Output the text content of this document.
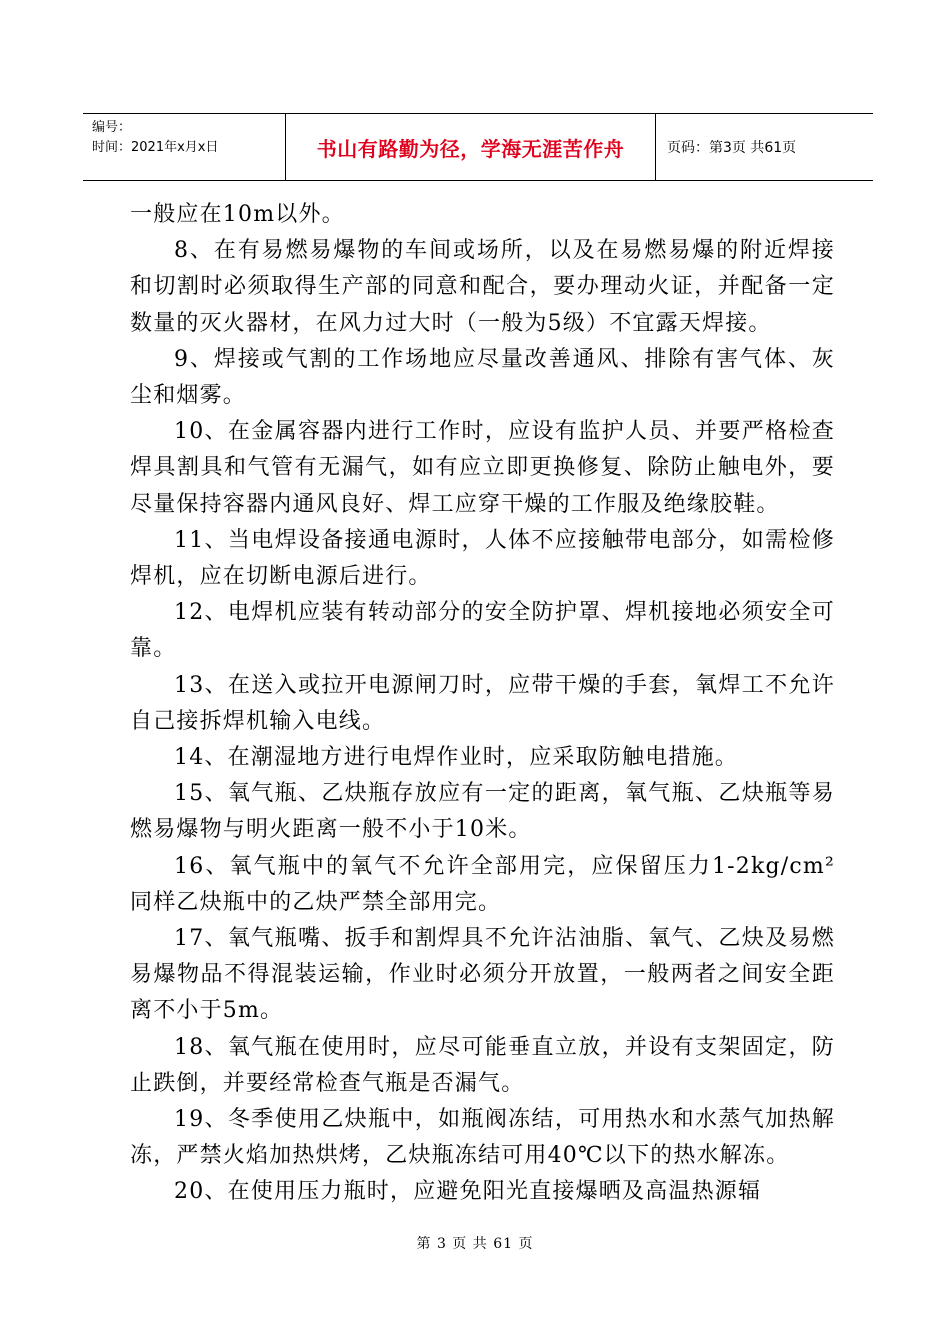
编号：
时间：2021年x月x日	书山有路勤为径，学海无涯苦作舟	页码：第3页 共61页

一般应在10m以外。

8、在有易燃易爆物的车间或场所，以及在易燃易爆的附近焊接和切割时必须取得生产部的同意和配合，要办理动火证，并配备一定数量的灭火器材，在风力过大时（一般为5级）不宜露天焊接。

9、焊接或气割的工作场地应尽量改善通风、排除有害气体、灰尘和烟雾。

10、在金属容器内进行工作时，应设有监护人员、并要严格检查焊具割具和气管有无漏气，如有应立即更换修复、除防止触电外，要尽量保持容器内通风良好、焊工应穿干燥的工作服及绝缘胶鞋。

11、当电焊设备接通电源时，人体不应接触带电部分，如需检修焊机，应在切断电源后进行。

12、电焊机应装有转动部分的安全防护罩、焊机接地必须安全可靠。

13、在送入或拉开电源闸刀时，应带干燥的手套，氧焊工不允许自己接拆焊机输入电线。

14、在潮湿地方进行电焊作业时，应采取防触电措施。

15、氧气瓶、乙炔瓶存放应有一定的距离，氧气瓶、乙炔瓶等易燃易爆物与明火距离一般不小于10米。

16、氧气瓶中的氧气不允许全部用完，应保留压力1-2kg/cm²同样乙炔瓶中的乙炔严禁全部用完。

17、氧气瓶嘴、扳手和割焊具不允许沾油脂、氧气、乙炔及易燃易爆物品不得混装运输，作业时必须分开放置，一般两者之间安全距离不小于5m。

18、氧气瓶在使用时，应尽可能垂直立放，并设有支架固定，防止跌倒，并要经常检查气瓶是否漏气。

19、冬季使用乙炔瓶中，如瓶阀冻结，可用热水和水蒸气加热解冻，严禁火焰加热烘烤，乙炔瓶冻结可用40℃以下的热水解冻。

20、在使用压力瓶时，应避免阳光直接爆晒及高温热源辐

第 3 页 共 61 页
